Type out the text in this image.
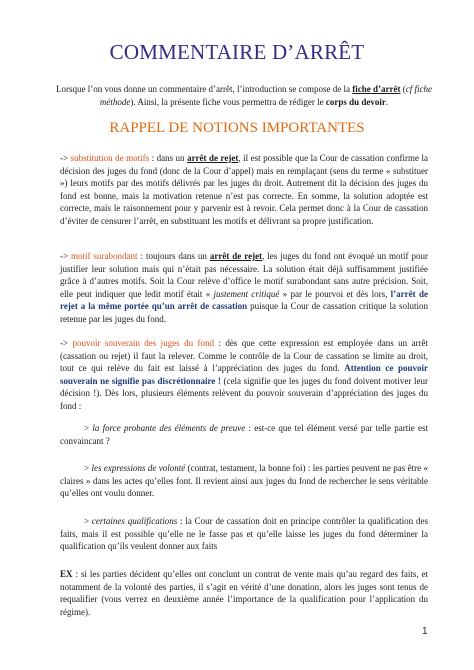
COMMENTAIRE D’ARRÊT
Lorsque l’on vous donne un commentaire d’arrêt, l’introduction se compose de la fiche d’arrêt (cf fiche méthode). Ainsi, la présente fiche vous permettra de rédiger le corps du devoir.
RAPPEL DE NOTIONS IMPORTANTES
-> substitution de motifs : dans un arrêt de rejet, il est possible que la Cour de cassation confirme la décision des juges du fond (donc de la Cour d’appel) mais en remplaçant (sens du terme « substituer ») leurs motifs par des motifs délivrés par les juges du droit. Autrement dit la décision des juges du fond est bonne, mais la motivation retenue n’est pas correcte. En somme, la solution adoptée est correcte, mais le raisonnement pour y parvenir est à revoir. Cela permet donc à la Cour de cassation d’éviter de censurer l’arrêt, en substituant les motifs et délivrant sa propre justification.
-> motif surabondant : toujours dans un arrêt de rejet, les juges du fond ont évoqué un motif pour justifier leur solution mais qui n’était pas nécessaire. La solution était déjà suffisamment justifiée grâce à d’autres motifs. Soit la Cour relève d’office le motif surabondant sans autre précision. Soit, elle peut indiquer que ledit motif était « justement critiqué » par le pourvoi et dès lors, l’arrêt de rejet a la même portée qu’un arrêt de cassation puisque la Cour de cassation critique la solution retenue par les juges du fond.
-> pouvoir souverain des juges du fond : dès que cette expression est employée dans un arrêt (cassation ou rejet) il faut la relever. Comme le contrôle de la Cour de cassation se limite au droit, tout ce qui relève du fait est laissé à l’appréciation des juges du fond. Attention ce pouvoir souverain ne signifie pas discrétionnaire ! (cela signifie que les juges du fond doivent motiver leur décision !). Dès lors, plusieurs éléments relèvent du pouvoir souverain d’appréciation des juges du fond :
> la force probante des éléments de preuve : est-ce que tel élément versé par telle partie est convaincant ?
> les expressions de volonté (contrat, testament, la bonne foi) : les parties peuvent ne pas être « claires » dans les actes qu’elles font. Il revient ainsi aux juges du fond de rechercher le sens véritable qu’elles ont voulu donner.
> certaines qualifications : la Cour de cassation doit en principe contrôler la qualification des faits, mais il est possible qu’elle ne le fasse pas et qu’elle laisse les juges du fond déterminer la qualification qu’ils veulent donner aux faits
EX : si les parties décident qu’elles ont conclunt un contrat de vente mais qu’au regard des faits, et notamment de la volonté des parties, il s’agit en vérité d’une donation, alors les juges sont tenus de requalifier (vous verrez en deuxième année l’importance de la qualification pour l’application du régime).
1
